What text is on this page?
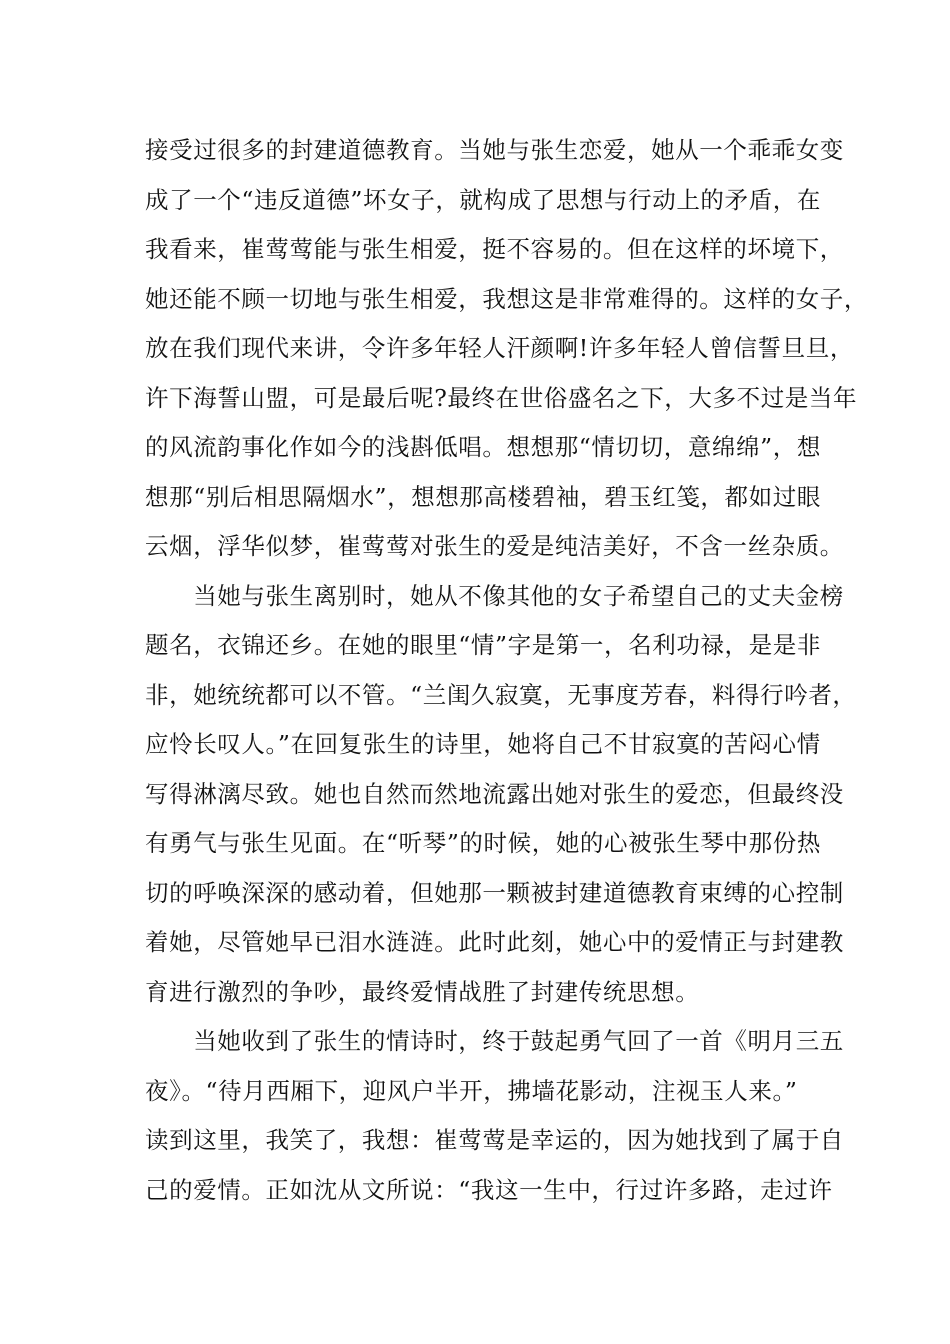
接受过很多的封建道德教育。当她与张生恋爱，她从一个乖乖女变
成了一个“违反道德”坏女子，就构成了思想与行动上的矛盾，在
我看来，崔莺莺能与张生相爱，挺不容易的。但在这样的坏境下，
她还能不顾一切地与张生相爱，我想这是非常难得的。这样的女子，
放在我们现代来讲，令许多年轻人汗颜啊!许多年轻人曾信誓旦旦，
许下海誓山盟，可是最后呢?最终在世俗盛名之下，大多不过是当年
的风流韵事化作如今的浅斟低唱。想想那“情切切，意绵绵”，想
想那“别后相思隔烟水”，想想那高楼碧袖，碧玉红笺，都如过眼
云烟，浮华似梦，崔莺莺对张生的爱是纯洁美好，不含一丝杂质。
　　当她与张生离别时，她从不像其他的女子希望自己的丈夫金榜
题名，衣锦还乡。在她的眼里“情”字是第一，名利功禄，是是非
非，她统统都可以不管。“兰闺久寂寞，无事度芳春，料得行吟者，
应怜长叹人。”在回复张生的诗里，她将自己不甘寂寞的苦闷心情
写得淋漓尽致。她也自然而然地流露出她对张生的爱恋，但最终没
有勇气与张生见面。在“听琴”的时候，她的心被张生琴中那份热
切的呼唤深深的感动着，但她那一颗被封建道德教育束缚的心控制
着她，尽管她早已泪水涟涟。此时此刻，她心中的爱情正与封建教
育进行激烈的争吵，最终爱情战胜了封建传统思想。
　　当她收到了张生的情诗时，终于鼓起勇气回了一首《明月三五
夜》。“待月西厢下，迎风户半开，拂墙花影动，注视玉人来。”
读到这里，我笑了，我想：崔莺莺是幸运的，因为她找到了属于自
己的爱情。正如沈从文所说：“我这一生中，行过许多路，走过许
